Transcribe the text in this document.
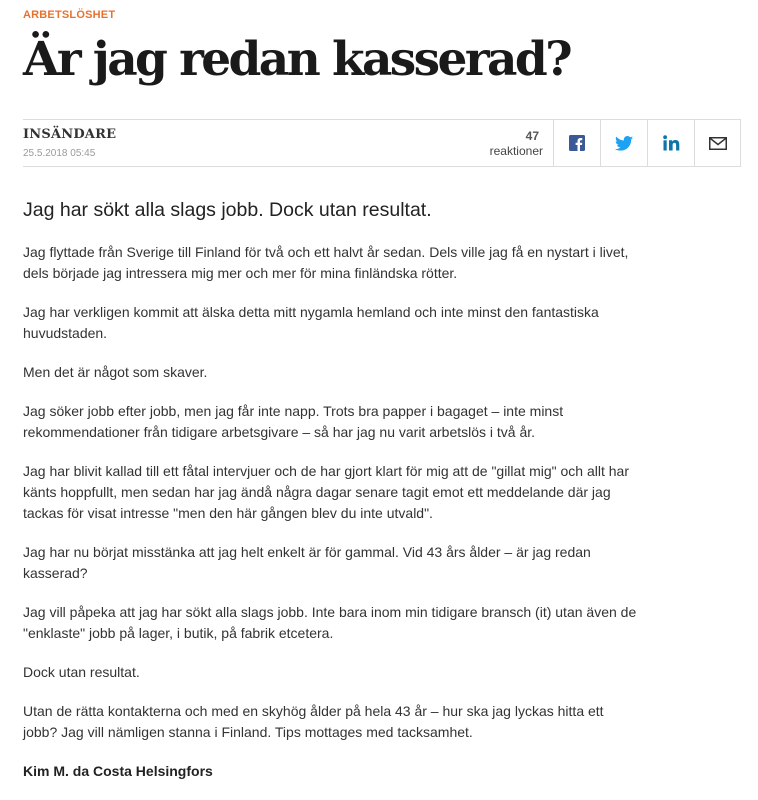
ARBETSLÖSHET
Är jag redan kasserad?
INSÄNDARE
25.5.2018 05:45
47
reaktioner

Jag har sökt alla slags jobb. Dock utan resultat.

Jag flyttade från Sverige till Finland för två och ett halvt år sedan. Dels ville jag få en nystart i livet, dels började jag intressera mig mer och mer för mina finländska rötter.

Jag har verkligen kommit att älska detta mitt nygamla hemland och inte minst den fantastiska huvudstaden.

Men det är något som skaver.

Jag söker jobb efter jobb, men jag får inte napp. Trots bra papper i bagaget – inte minst rekommendationer från tidigare arbetsgivare – så har jag nu varit arbetslös i två år.

Jag har blivit kallad till ett fåtal intervjuer och de har gjort klart för mig att de "gillat mig" och allt har känts hoppfullt, men sedan har jag ändå några dagar senare tagit emot ett meddelande där jag tackas för visat intresse "men den här gången blev du inte utvald".

Jag har nu börjat misstänka att jag helt enkelt är för gammal. Vid 43 års ålder – är jag redan kasserad?

Jag vill påpeka att jag har sökt alla slags jobb. Inte bara inom min tidigare bransch (it) utan även de "enklaste" jobb på lager, i butik, på fabrik etcetera.

Dock utan resultat.

Utan de rätta kontakterna och med en skyhög ålder på hela 43 år – hur ska jag lyckas hitta ett jobb? Jag vill nämligen stanna i Finland. Tips mottages med tacksamhet.

Kim M. da Costa Helsingfors
